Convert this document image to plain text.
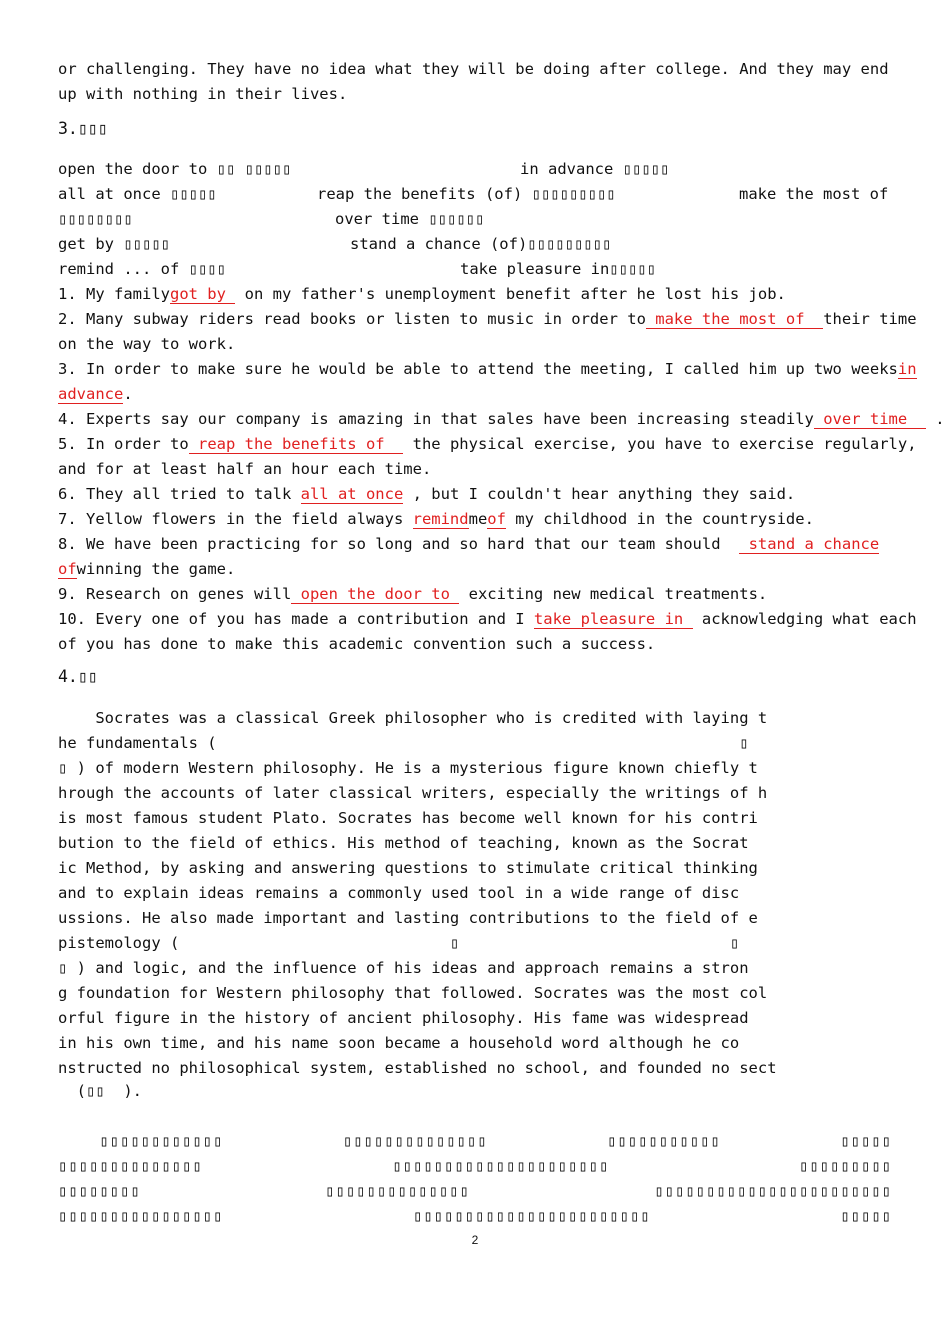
or challenging. They have no idea what they will be doing after college. And they may end
up with nothing in their lives.
3.▯▯▯
open the door to ▯▯ ▯▯▯▯▯	in advance ▯▯▯▯▯
all at once ▯▯▯▯▯	reap the benefits (of) ▯▯▯▯▯▯▯▯▯	make the most of
▯▯▯▯▯▯▯▯	over time ▯▯▯▯▯▯
get by ▯▯▯▯▯	stand a chance (of)▯▯▯▯▯▯▯▯▯
remind ... of ▯▯▯▯	take pleasure in▯▯▯▯▯
1. My familygot by  on my father's unemployment benefit after he lost his job.
2. Many subway riders read books or listen to music in order to make the most of  their time
on the way to work.
3. In order to make sure he would be able to attend the meeting, I called him up two weeksin
advance.
4. Experts say our company is amazing in that sales have been increasing steadily over time   .
5. In order to reap the benefits of   the physical exercise, you have to exercise regularly,
and for at least half an hour each time.
6. They all tried to talk all at once , but I couldn't hear anything they said.
7. Yellow flowers in the field always remindmeof my childhood in the countryside.
8. We have been practicing for so long and so hard that our team should   stand a chance
ofwinning the game.
9. Research on genes will open the door to  exciting new medical treatments.
10. Every one of you has made a contribution and I take pleasure in  acknowledging what each
of you has done to make this academic convention such a success.
4.▯▯
Socrates was a classical Greek philosopher who is credited with laying t
he fundamentals (                                                        ▯
▯ ) of modern Western philosophy. He is a mysterious figure known chiefly t
hrough the accounts of later classical writers, especially the writings of h
is most famous student Plato. Socrates has become well known for his contri
bution to the field of ethics. His method of teaching, known as the Socrat
ic Method, by asking and answering questions to stimulate critical thinking
and to explain ideas remains a commonly used tool in a wide range of disc
ussions. He also made important and lasting contributions to the field of e
pistemology (                             ▯                             ▯
▯ ) and logic, and the influence of his ideas and approach remains a stron
g foundation for Western philosophy that followed. Socrates was the most col
orful figure in the history of ancient philosophy. His fame was widespread
in his own time, and his name soon became a household word although he co
nstructed no philosophical system, established no school, and founded no sect
(▯▯  ).
▯▯▯▯▯▯▯▯▯▯▯▯	▯▯▯▯▯▯▯▯▯▯▯▯▯▯	▯▯▯▯▯▯▯▯▯▯▯	▯▯▯▯▯
▯▯▯▯▯▯▯▯▯▯▯▯▯▯	▯▯▯▯▯▯▯▯▯▯▯▯▯▯▯▯▯▯▯▯▯	▯▯▯▯▯▯▯▯▯
▯▯▯▯▯▯▯▯	▯▯▯▯▯▯▯▯▯▯▯▯▯▯	▯▯▯▯▯▯▯▯▯▯▯▯▯▯▯▯▯▯▯▯▯▯▯
▯▯▯▯▯▯▯▯▯▯▯▯▯▯▯▯	▯▯▯▯▯▯▯▯▯▯▯▯▯▯▯▯▯▯▯▯▯▯▯	▯▯▯▯▯
2
